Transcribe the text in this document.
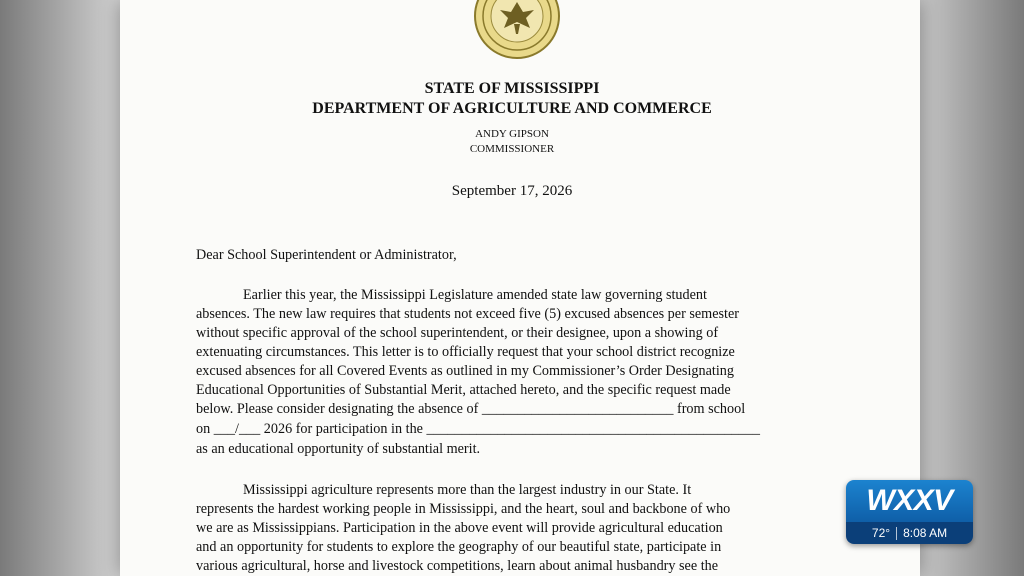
STATE OF MISSISSIPPI
DEPARTMENT OF AGRICULTURE AND COMMERCE
ANDY GIPSON
COMMISSIONER
September 17, 2026
Dear School Superintendent or Administrator,
Earlier this year, the Mississippi Legislature amended state law governing student
absences. The new law requires that students not exceed five (5) excused absences per semester
without specific approval of the school superintendent, or their designee, upon a showing of
extenuating circumstances. This letter is to officially request that your school district recognize
excused absences for all Covered Events as outlined in my Commissioner’s Order Designating
Educational Opportunities of Substantial Merit, attached hereto, and the specific request made
below. Please consider designating the absence of ___________________________ from school
on ___/___ 2026 for participation in the _______________________________________________
as an educational opportunity of substantial merit.
Mississippi agriculture represents more than the largest industry in our State. It
represents the hardest working people in Mississippi, and the heart, soul and backbone of who
we are as Mississippians. Participation in the above event will provide agricultural education
and an opportunity for students to explore the geography of our beautiful state, participate in
various agricultural, horse and livestock competitions, learn about animal husbandry see the
WXXV
72° 8:08 AM
